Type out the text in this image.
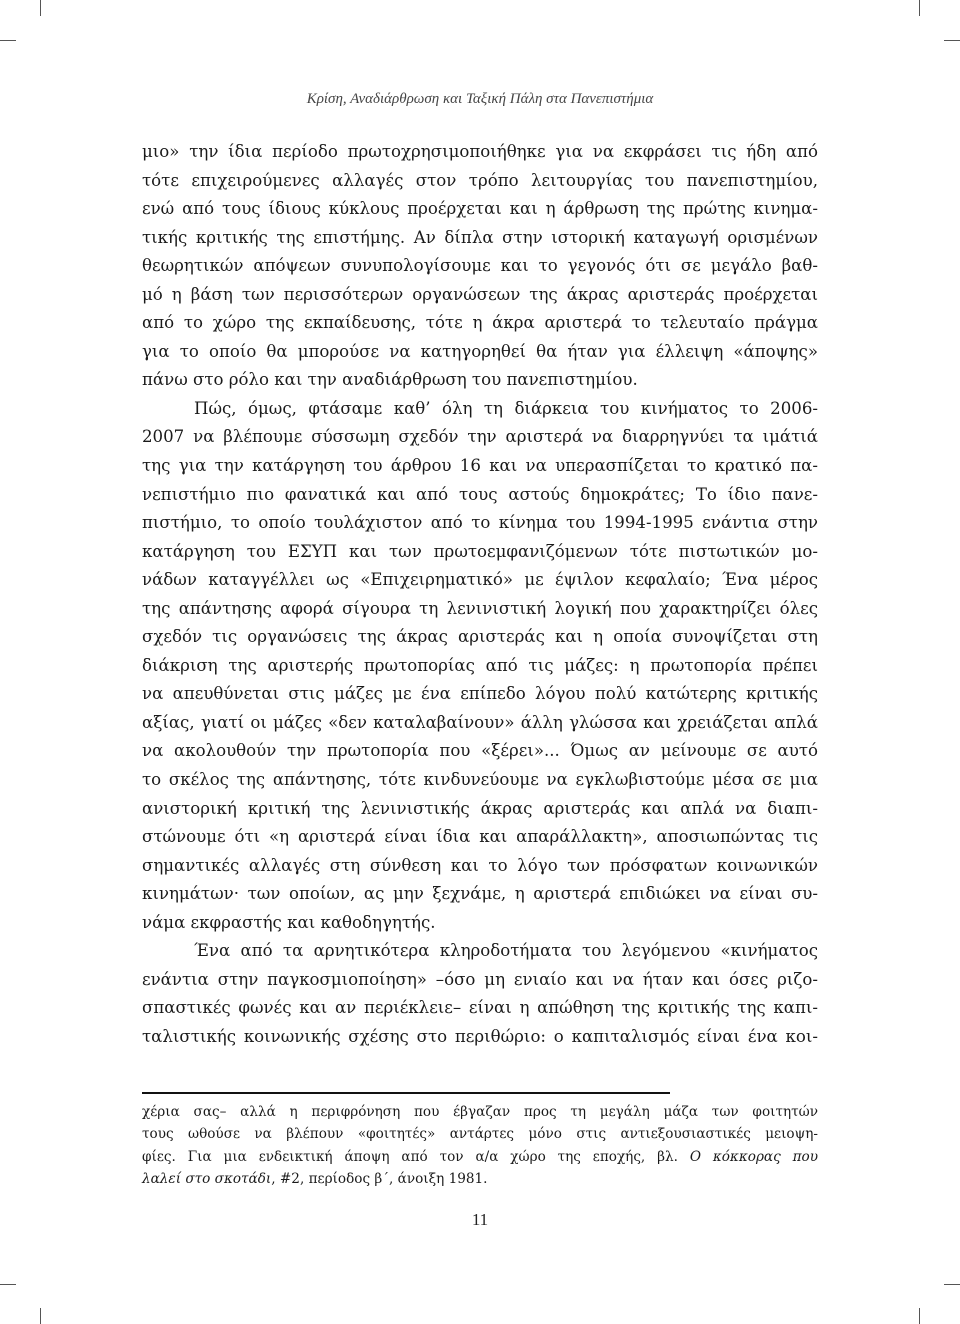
Κρίση, Αναδιάρθρωση και Ταξική Πάλη στα Πανεπιστήμια
μιο» την ίδια περίοδο πρωτοχρησιμοποιήθηκε για να εκφράσει τις ήδη από
τότε επιχειρούμενες αλλαγές στον τρόπο λειτουργίας του πανεπιστημίου,
ενώ από τους ίδιους κύκλους προέρχεται και η άρθρωση της πρώτης κινημα-
τικής κριτικής της επιστήμης. Αν δίπλα στην ιστορική καταγωγή ορισμένων
θεωρητικών απόψεων συνυπολογίσουμε και το γεγονός ότι σε μεγάλο βαθ-
μό η βάση των περισσότερων οργανώσεων της άκρας αριστεράς προέρχεται
από το χώρο της εκπαίδευσης, τότε η άκρα αριστερά το τελευταίο πράγμα
για το οποίο θα μπορούσε να κατηγορηθεί θα ήταν για έλλειψη «άποψης»
πάνω στο ρόλο και την αναδιάρθρωση του πανεπιστημίου.
Πώς, όμως, φτάσαμε καθ’ όλη τη διάρκεια του κινήματος το 2006-
2007 να βλέπουμε σύσσωμη σχεδόν την αριστερά να διαρρηγνύει τα ιμάτιά
της για την κατάργηση του άρθρου 16 και να υπερασπίζεται το κρατικό πα-
νεπιστήμιο πιο φανατικά και από τους αστούς δημοκράτες; Το ίδιο πανε-
πιστήμιο, το οποίο τουλάχιστον από το κίνημα του 1994-1995 ενάντια στην
κατάργηση του ΕΣΥΠ και των πρωτοεμφανιζόμενων τότε πιστωτικών μο-
νάδων καταγγέλλει ως «Επιχειρηματικό» με έψιλον κεφαλαίο; Ένα μέρος
της απάντησης αφορά σίγουρα τη λενινιστική λογική που χαρακτηρίζει όλες
σχεδόν τις οργανώσεις της άκρας αριστεράς και η οποία συνοψίζεται στη
διάκριση της αριστερής πρωτοπορίας από τις μάζες: η πρωτοπορία πρέπει
να απευθύνεται στις μάζες με ένα επίπεδο λόγου πολύ κατώτερης κριτικής
αξίας, γιατί οι μάζες «δεν καταλαβαίνουν» άλλη γλώσσα και χρειάζεται απλά
να ακολουθούν την πρωτοπορία που «ξέρει»... Όμως αν μείνουμε σε αυτό
το σκέλος της απάντησης, τότε κινδυνεύουμε να εγκλωβιστούμε μέσα σε μια
ανιστορική κριτική της λενινιστικής άκρας αριστεράς και απλά να διαπι-
στώνουμε ότι «η αριστερά είναι ίδια και απαράλλακτη», αποσιωπώντας τις
σημαντικές αλλαγές στη σύνθεση και το λόγο των πρόσφατων κοινωνικών
κινημάτων· των οποίων, ας μην ξεχνάμε, η αριστερά επιδιώκει να είναι συ-
νάμα εκφραστής και καθοδηγητής.
Ένα από τα αρνητικότερα κληροδοτήματα του λεγόμενου «κινήματος
ενάντια στην παγκοσμιοποίηση» –όσο μη ενιαίο και να ήταν και όσες ριζο-
σπαστικές φωνές και αν περιέκλειε– είναι η απώθηση της κριτικής της καπι-
ταλιστικής κοινωνικής σχέσης στο περιθώριο: ο καπιταλισμός είναι ένα κοι-
χέρια σας– αλλά η περιφρόνηση που έβγαζαν προς τη μεγάλη μάζα των φοιτητών
τους ωθούσε να βλέπουν «φοιτητές» αντάρτες μόνο στις αντιεξουσιαστικές μειοψη-
φίες. Για μια ενδεικτική άποψη από τον α/α χώρο της εποχής, βλ. Ο κόκκορας που
λαλεί στο σκοτάδι, #2, περίοδος β΄, άνοιξη 1981.
11
